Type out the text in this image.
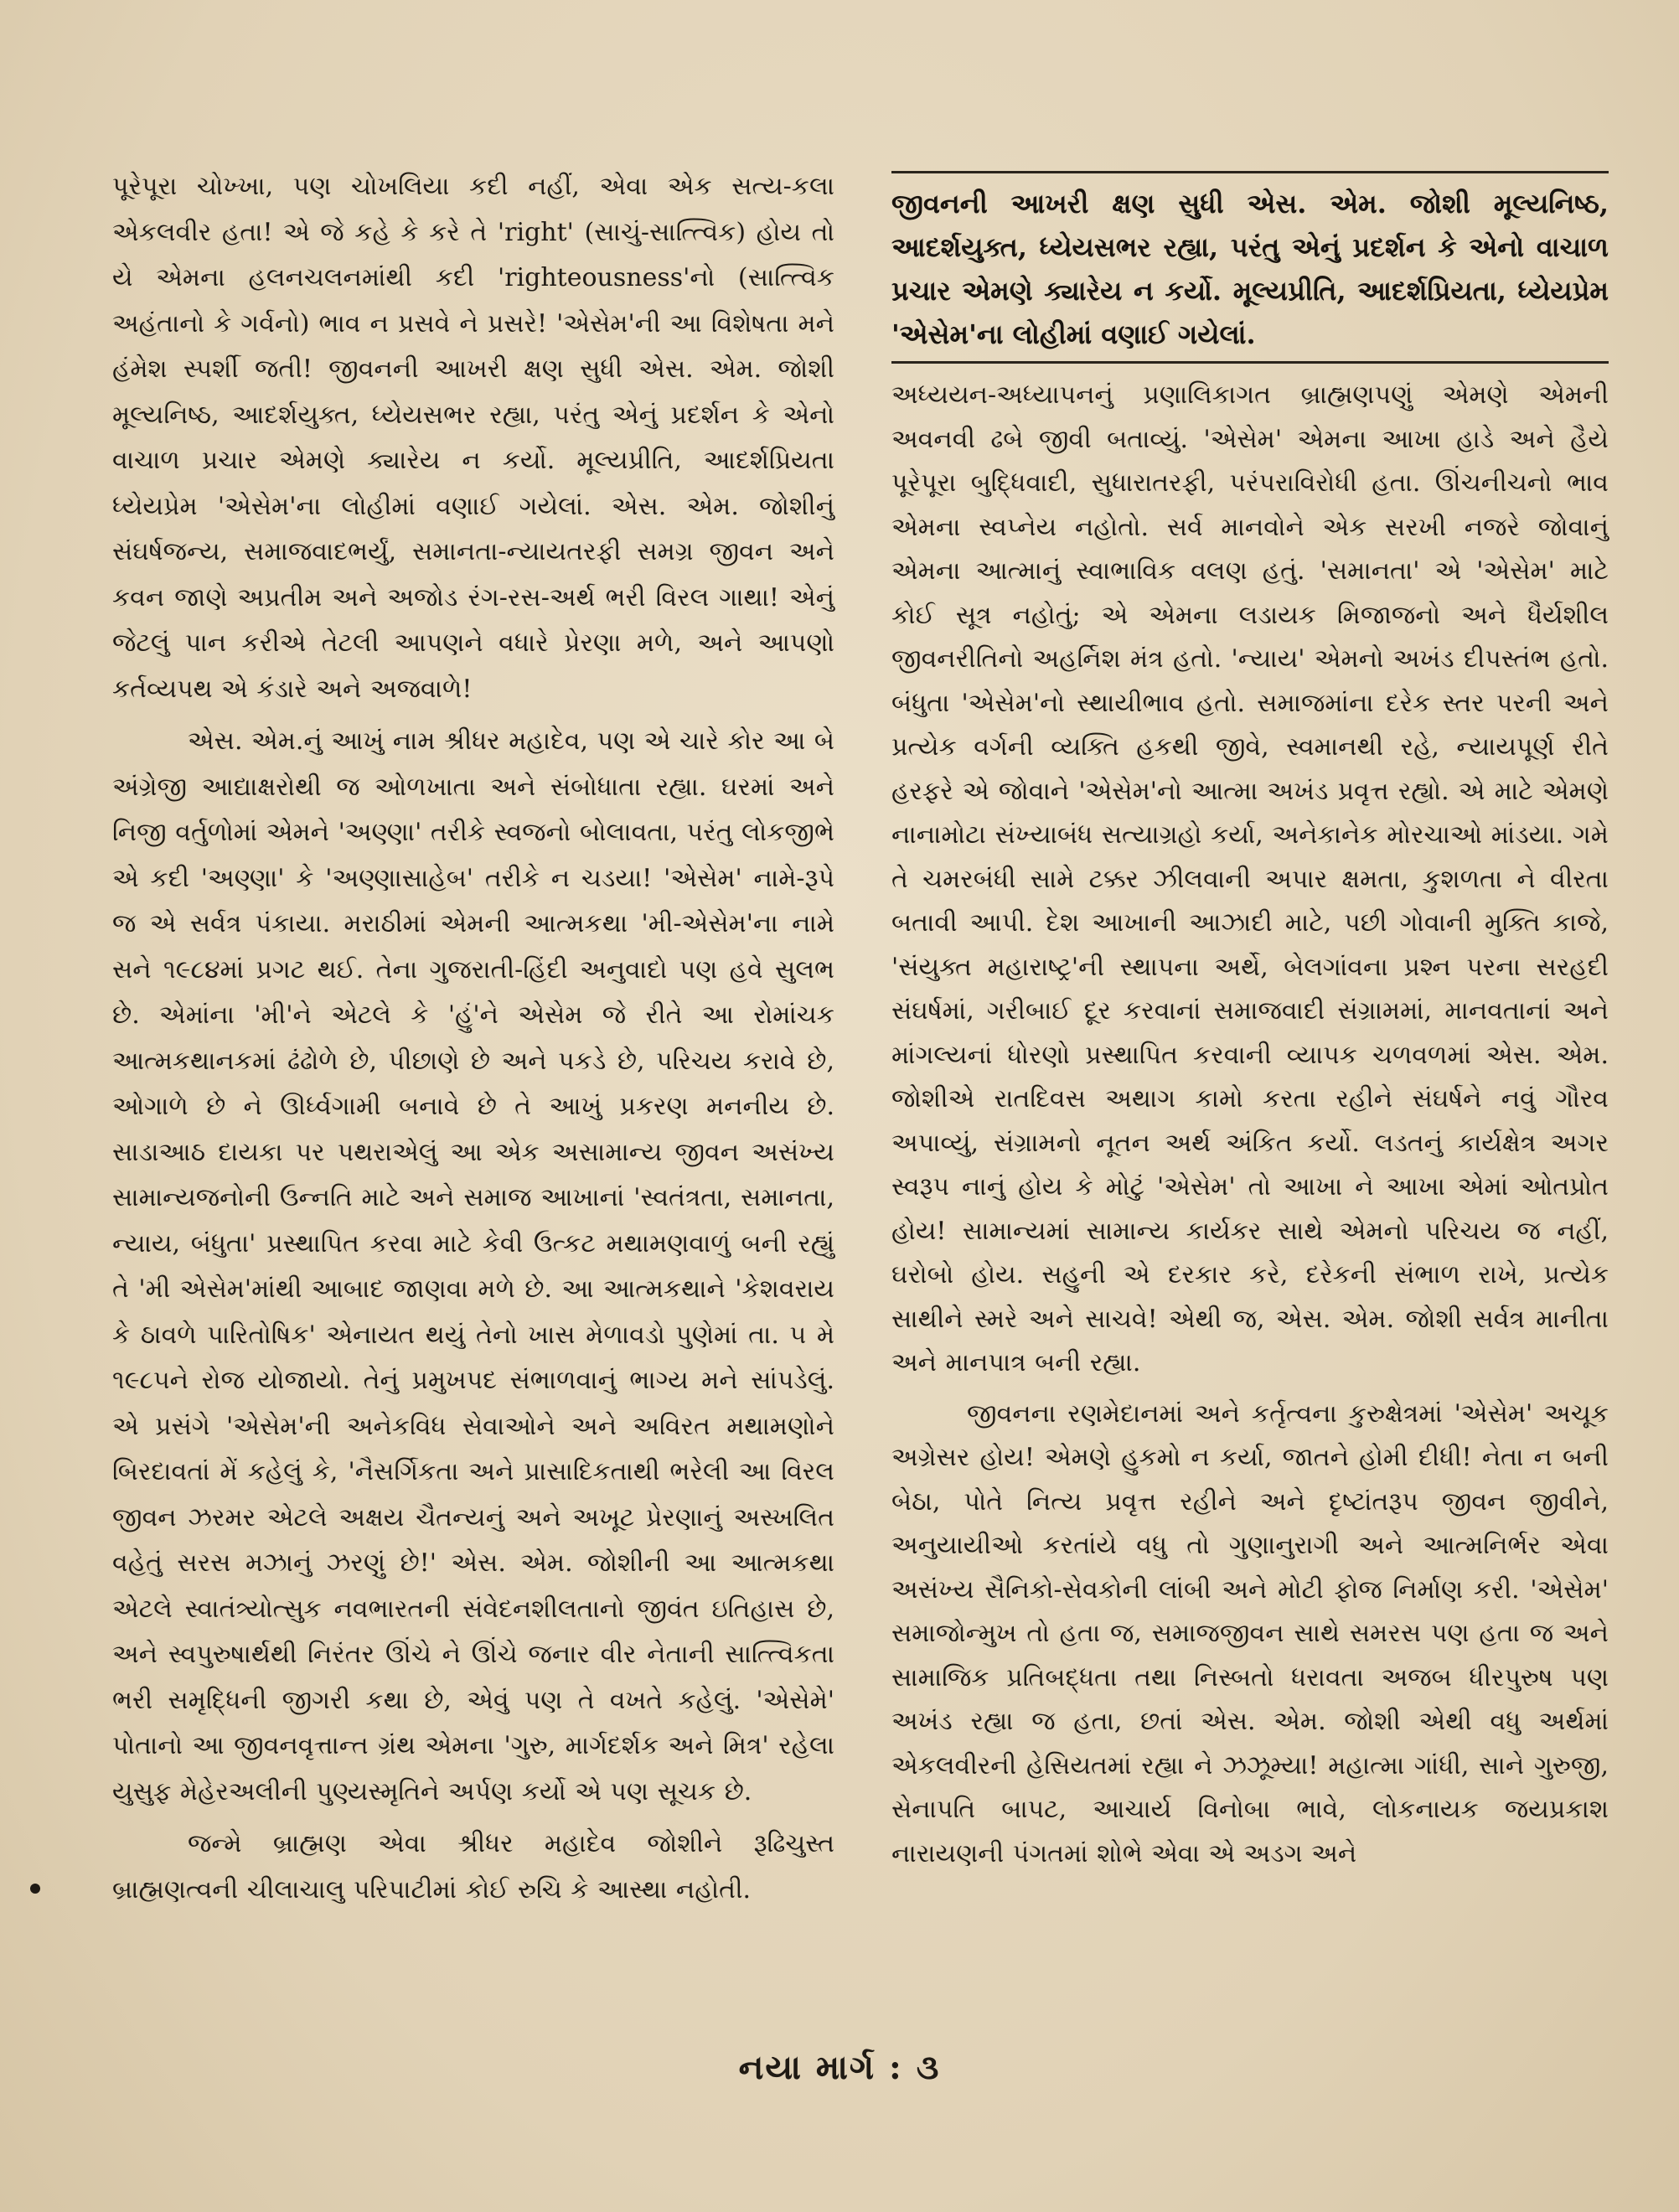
પૂરેપૂરા ચોખ્ખા, પણ ચોખલિયા કદી નહીં, એવા એક સત્ય-કલા એકલવીર હતા! એ જે કહે કે કરે તે 'right' (સાચું-સાત્ત્વિક) હોય તો યે એમના હલનચલનમાંથી કદી 'righteousness'નો (સાત્ત્વિક અહંતાનો કે ગર્વનો) ભાવ ન પ્રસવે ને પ્રસરે! 'એસેમ'ની આ વિશેષતા મને હંમેશ સ્પર્શી જતી! જીવનની આખરી ક્ષણ સુધી એસ. એમ. જોશી મૂલ્યનિષ્ઠ, આદર્શયુક્ત, ધ્યેયસભર રહ્યા, પરંતુ એનું પ્રદર્શન કે એનો વાચાળ પ્રચાર એમણે ક્યારેય ન કર્યો. મૂલ્યપ્રીતિ, આદર્શપ્રિયતા ધ્યેયપ્રેમ 'એસેમ'ના લોહીમાં વણાઈ ગયેલાં. એસ. એમ. જોશીનું સંઘર્ષજન્ય, સમાજવાદભર્યું, સમાનતા-ન્યાયતરફી સમગ્ર જીવન અને કવન જાણે અપ્રતીમ અને અજોડ રંગ-રસ-અર્થ ભરી વિરલ ગાથા! એનું જેટલું પાન કરીએ તેટલી આપણને વધારે પ્રેરણા મળે, અને આપણો કર્તવ્યપથ એ કંડારે અને અજવાળે!

એસ. એમ.નું આખું નામ શ્રીધર મહાદેવ, પણ એ ચારે કોર આ બે અંગ્રેજી આદ્યાક્ષરોથી જ ઓળખાતા અને સંબોધાતા રહ્યા. ઘરમાં અને નિજી વર્તુળોમાં એમને 'અણ્ણા' તરીકે સ્વજનો બોલાવતા, પરંતુ લોકજીભે એ કદી 'અણ્ણા' કે 'અણ્ણાસાહેબ' તરીકે ન ચડયા! 'એસેમ' નામે-રૂપે જ એ સર્વત્ર પંકાયા. મરાઠીમાં એમની આત્મકથા 'મી-એસેમ'ના નામે સને ૧૯૮૪માં પ્રગટ થઈ. તેના ગુજરાતી-હિંદી અનુવાદો પણ હવે સુલભ છે. એમાંના 'મી'ને એટલે કે 'હું'ને એસેમ જે રીતે આ રોમાંચક આત્મકથાનકમાં ઢંઢોળે છે, પીછાણે છે અને પકડે છે, પરિચય કરાવે છે, ઓગાળે છે ને ઊર્ધ્વગામી બનાવે છે તે આખું પ્રકરણ મનનીય છે. સાડાઆઠ દાયકા પર પથરાએલું આ એક અસામાન્ય જીવન અસંખ્ય સામાન્યજનોની ઉન્નતિ માટે અને સમાજ આખાનાં 'સ્વતંત્રતા, સમાનતા, ન્યાય, બંધુતા' પ્રસ્થાપિત કરવા માટે કેવી ઉત્કટ મથામણવાળું બની રહ્યું તે 'મી એસેમ'માંથી આબાદ જાણવા મળે છે. આ આત્મકથાને 'કેશવરાય કે ઠાવળે પારિતોષિક' એનાયત થયું તેનો ખાસ મેળાવડો પુણેમાં તા. ૫ મે ૧૯૮૫ને રોજ યોજાયો. તેનું પ્રમુખપદ સંભાળવાનું ભાગ્ય મને સાંપડેલું. એ પ્રસંગે 'એસેમ'ની અનેકવિધ સેવાઓને અને અવિરત મથામણોને બિરદાવતાં મેં કહેલું કે, 'નૈસર્ગિકતા અને પ્રાસાદિકતાથી ભરેલી આ વિરલ જીવન ઝરમર એટલે અક્ષય ચૈતન્યનું અને અખૂટ પ્રેરણાનું અસ્ખલિત વહેતું સરસ મઝાનું ઝરણું છે!' એસ. એમ. જોશીની આ આત્મકથા એટલે સ્વાતંત્ર્યોત્સુક નવભારતની સંવેદનશીલતાનો જીવંત ઇતિહાસ છે, અને સ્વપુરુષાર્થથી નિરંતર ઊંચે ને ઊંચે જનાર વીર નેતાની સાત્ત્વિકતા ભરી સમૃદ્ધિની જીગરી કથા છે, એવું પણ તે વખતે કહેલું. 'એસેમે' પોતાનો આ જીવનવૃત્તાન્ત ગ્રંથ એમના 'ગુરુ, માર્ગદર્શક અને મિત્ર' રહેલા યુસુફ મેહેરઅલીની પુણ્યસ્મૃતિને અર્પણ કર્યો એ પણ સૂચક છે.

જન્મે બ્રાહ્મણ એવા શ્રીધર મહાદેવ જોશીને રૂઢિચુસ્ત બ્રાહ્મણત્વની ચીલાચાલુ પરિપાટીમાં કોઈ રુચિ કે આસ્થા નહોતી.

જીવનની આખરી ક્ષણ સુધી એસ. એમ. જોશી મૂલ્યનિષ્ઠ, આદર્શયુક્ત, ધ્યેયસભર રહ્યા, પરંતુ એનું પ્રદર્શન કે એનો વાચાળ પ્રચાર એમણે ક્યારેય ન કર્યો. મૂલ્યપ્રીતિ, આદર્શપ્રિયતા, ધ્યેયપ્રેમ 'એસેમ'ના લોહીમાં વણાઈ ગયેલાં.

અધ્યયન-અધ્યાપનનું પ્રણાલિકાગત બ્રાહ્મણપણું એમણે એમની અવનવી ઢબે જીવી બતાવ્યું. 'એસેમ' એમના આખા હાડે અને હૈયે પૂરેપૂરા બુદ્ધિવાદી, સુધારાતરફી, પરંપરાવિરોધી હતા. ઊંચનીચનો ભાવ એમના સ્વપ્નેય નહોતો. સર્વ માનવોને એક સરખી નજરે જોવાનું એમના આત્માનું સ્વાભાવિક વલણ હતું. 'સમાનતા' એ 'એસેમ' માટે કોઈ સૂત્ર નહોતું; એ એમના લડાયક મિજાજનો અને ધૈર્યશીલ જીવનરીતિનો અહર્નિશ મંત્ર હતો. 'ન્યાય' એમનો અખંડ દીપસ્તંભ હતો. બંધુતા 'એસેમ'નો સ્થાયીભાવ હતો. સમાજમાંના દરેક સ્તર પરની અને પ્રત્યેક વર્ગની વ્યક્તિ હકથી જીવે, સ્વમાનથી રહે, ન્યાયપૂર્ણ રીતે હરફરે એ જોવાને 'એસેમ'નો આત્મા અખંડ પ્રવૃત્ત રહ્યો. એ માટે એમણે નાનામોટા સંખ્યાબંધ સત્યાગ્રહો કર્યા, અનેકાનેક મોરચાઓ માંડયા. ગમે તે ચમરબંધી સામે ટક્કર ઝીલવાની અપાર ક્ષમતા, કુશળતા ને વીરતા બતાવી આપી. દેશ આખાની આઝાદી માટે, પછી ગોવાની મુક્તિ કાજે, 'સંયુક્ત મહારાષ્ટ્ર'ની સ્થાપના અર્થે, બેલગાંવના પ્રશ્ન પરના સરહદી સંઘર્ષમાં, ગરીબાઈ દૂર કરવાનાં સમાજવાદી સંગ્રામમાં, માનવતાનાં અને માંગલ્યનાં ધોરણો પ્રસ્થાપિત કરવાની વ્યાપક ચળવળમાં એસ. એમ. જોશીએ રાતદિવસ અથાગ કામો કરતા રહીને સંઘર્ષને નવું ગૌરવ અપાવ્યું, સંગ્રામનો નૂતન અર્થ અંકિત કર્યો. લડતનું કાર્યક્ષેત્ર અગર સ્વરૂપ નાનું હોય કે મોટું 'એસેમ' તો આખા ને આખા એમાં ઓતપ્રોત હોય! સામાન્યમાં સામાન્ય કાર્યકર સાથે એમનો પરિચય જ નહીં, ઘરોબો હોય. સહુની એ દરકાર કરે, દરેકની સંભાળ રાખે, પ્રત્યેક સાથીને સ્મરે અને સાચવે! એથી જ, એસ. એમ. જોશી સર્વત્ર માનીતા અને માનપાત્ર બની રહ્યા.

જીવનના રણમેદાનમાં અને કર્તૃત્વના કુરુક્ષેત્રમાં 'એસેમ' અચૂક અગ્રેસર હોય! એમણે હુકમો ન કર્યા, જાતને હોમી દીધી! નેતા ન બની બેઠા, પોતે નિત્ય પ્રવૃત્ત રહીને અને દૃષ્ટાંતરૂપ જીવન જીવીને, અનુયાયીઓ કરતાંયે વધુ તો ગુણાનુરાગી અને આત્મનિર્ભર એવા અસંખ્ય સૈનિકો-સેવકોની લાંબી અને મોટી ફોજ નિર્માણ કરી. 'એસેમ' સમાજોન્મુખ તો હતા જ, સમાજજીવન સાથે સમરસ પણ હતા જ અને સામાજિક પ્રતિબદ્ધતા તથા નિસ્બતો ધરાવતા અજબ ધીરપુરુષ પણ અખંડ રહ્યા જ હતા, છતાં એસ. એમ. જોશી એથી વધુ અર્થમાં એકલવીરની હેસિયતમાં રહ્યા ને ઝઝૂમ્યા! મહાત્મા ગાંધી, સાને ગુરુજી, સેનાપતિ બાપટ, આચાર્ય વિનોબા ભાવે, લોકનાયક જયપ્રકાશ નારાયણની પંગતમાં શોભે એવા એ અડગ અને

નયા માર્ગ : ૩
